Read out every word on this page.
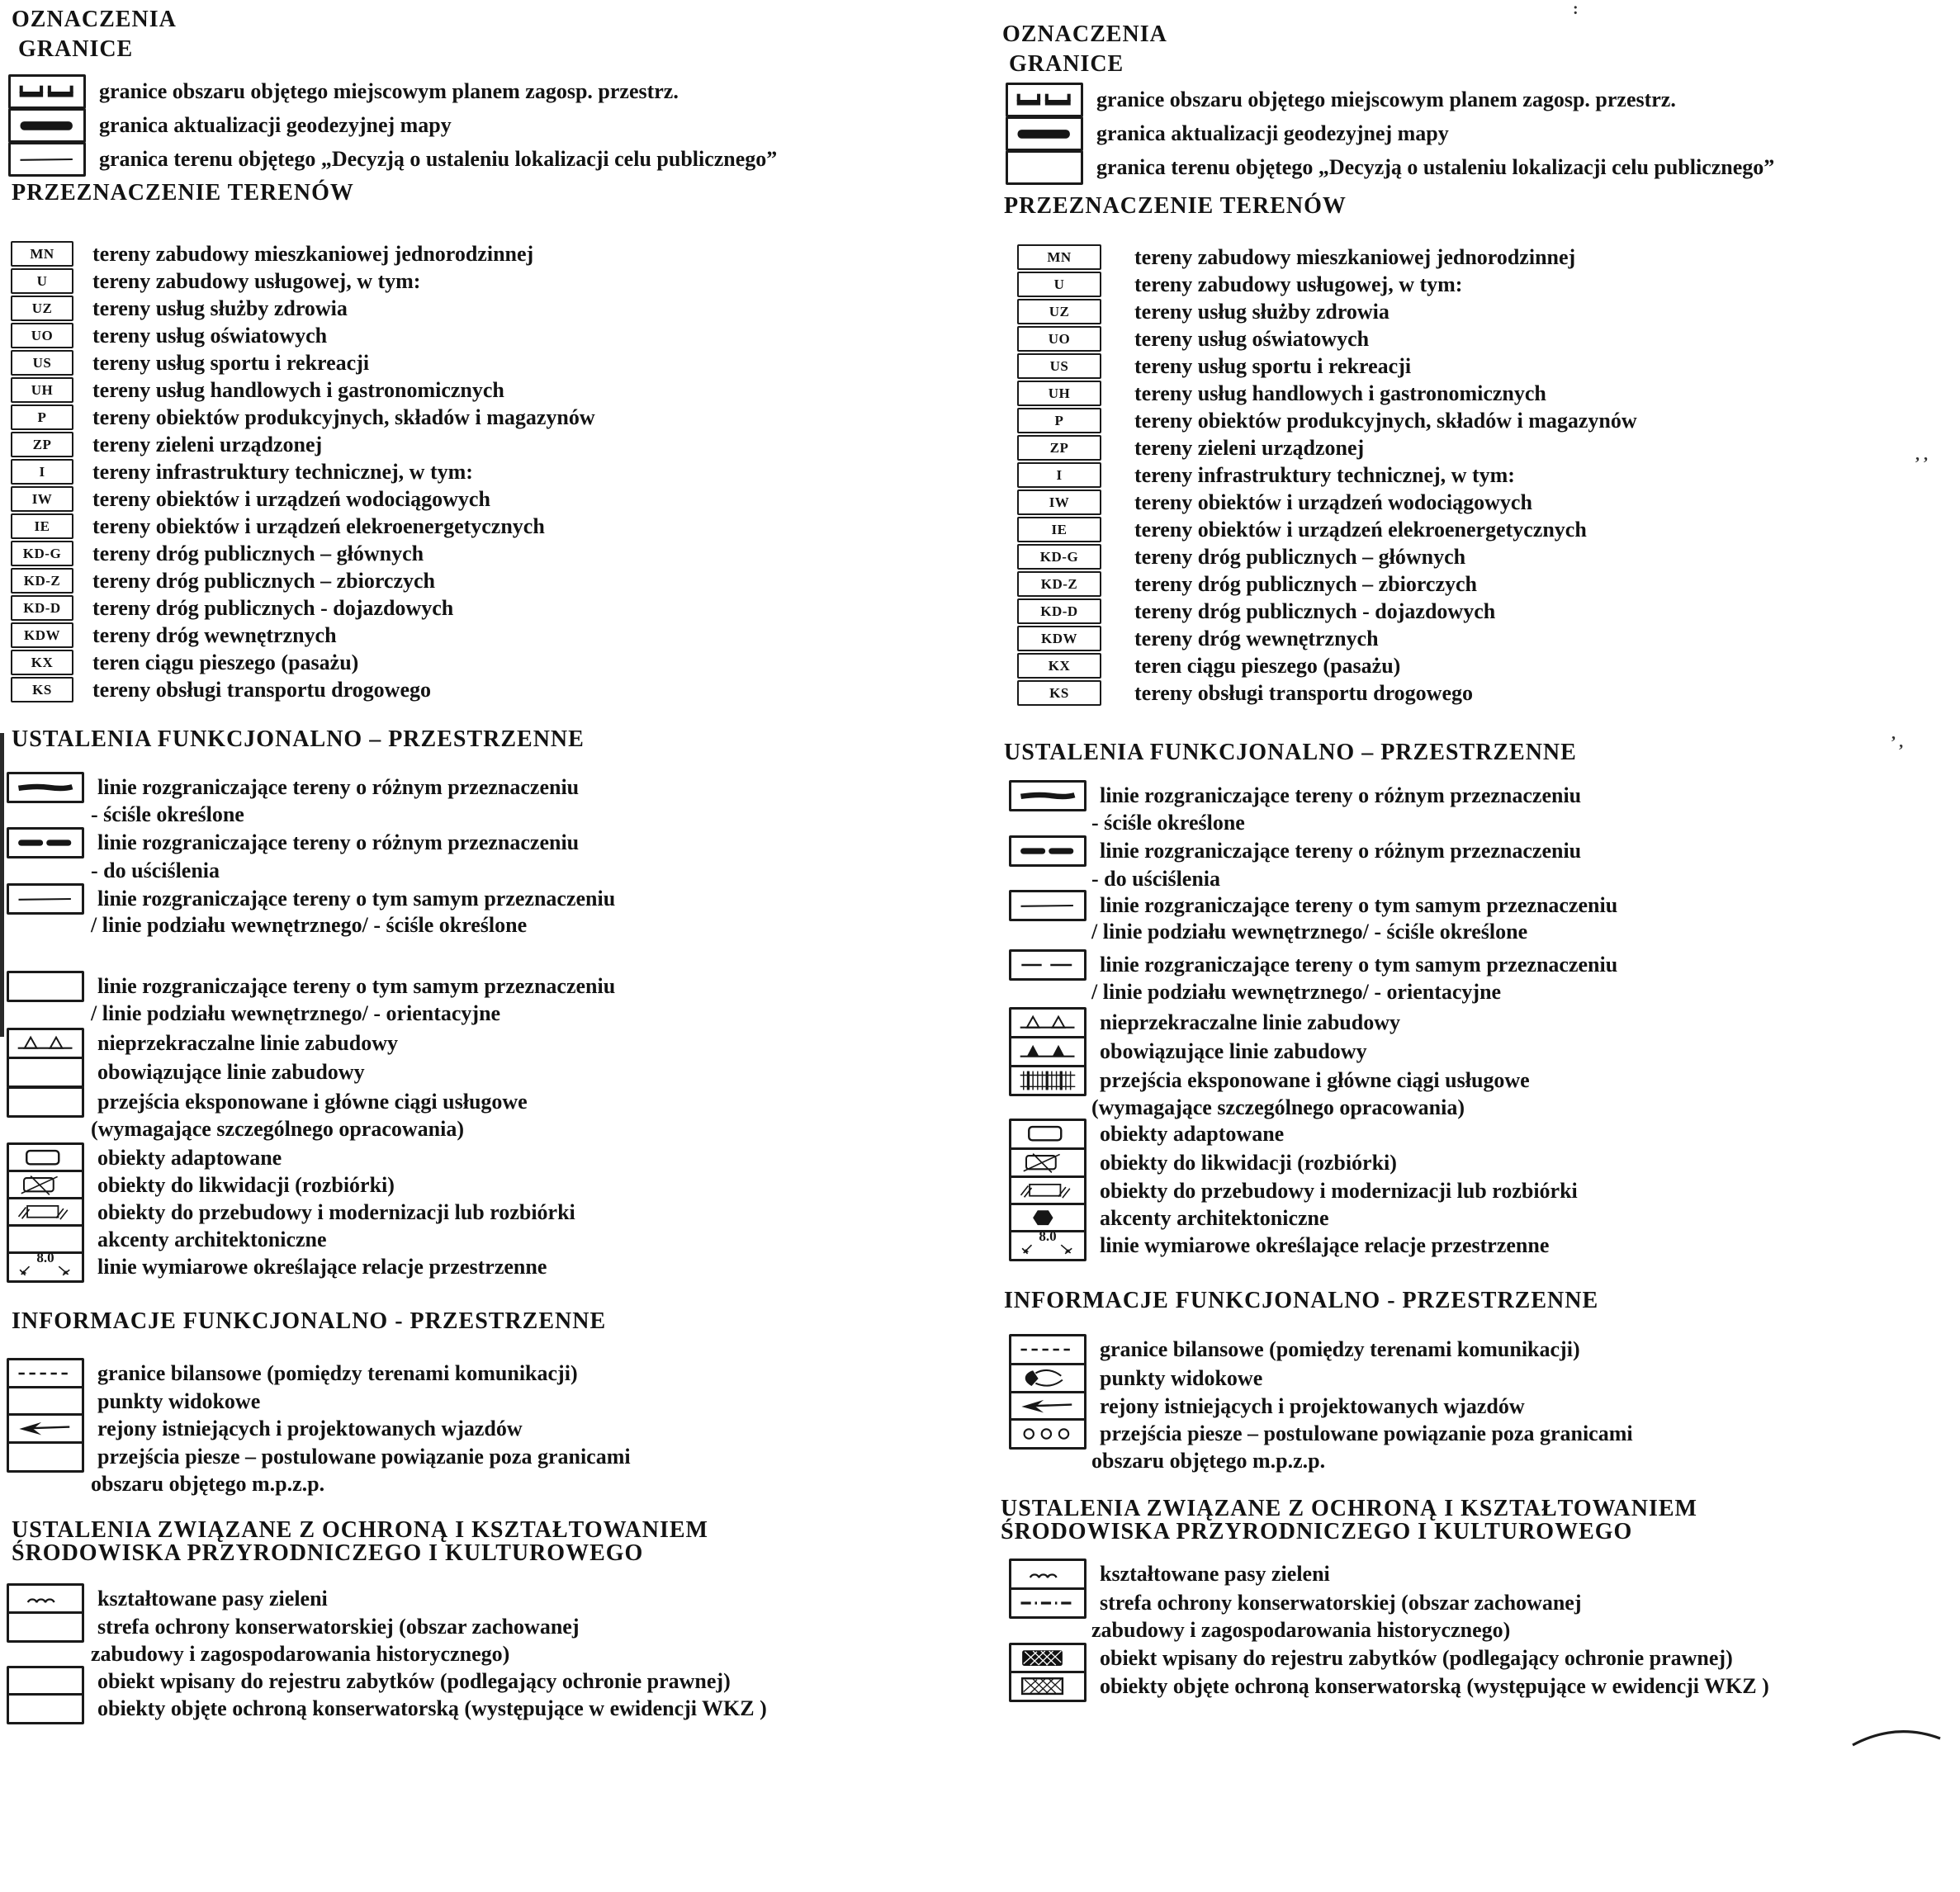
OZNACZENIA
GRANICE
granice obszaru objętego miejscowym planem zagosp. przestrz.
granica aktualizacji geodezyjnej mapy
granica terenu objętego „Decyzją o ustaleniu lokalizacji celu publicznego”
PRZEZNACZENIE TERENÓW
MN tereny zabudowy mieszkaniowej jednorodzinnej
U tereny zabudowy usługowej, w tym:
UZ tereny usług służby zdrowia
UO tereny usług oświatowych
US tereny usług sportu i rekreacji
UH tereny usług handlowych i gastronomicznych
P tereny obiektów produkcyjnych, składów i magazynów
ZP tereny zieleni urządzonej
I tereny infrastruktury technicznej, w tym:
IW tereny obiektów i urządzeń wodociągowych
IE tereny obiektów i urządzeń elekroenergetycznych
KD-G tereny dróg publicznych – głównych
KD-Z tereny dróg publicznych – zbiorczych
KD-D tereny dróg publicznych - dojazdowych
KDW tereny dróg wewnętrznych
KX teren ciągu pieszego (pasażu)
KS tereny obsługi transportu drogowego
USTALENIA FUNKCJONALNO – PRZESTRZENNE
linie rozgraniczające tereny o różnym przeznaczeniu
- ściśle określone
linie rozgraniczające tereny o różnym przeznaczeniu
- do uściślenia
linie rozgraniczające tereny o tym samym przeznaczeniu
/ linie podziału wewnętrznego/ - ściśle określone
linie rozgraniczające tereny o tym samym przeznaczeniu
/ linie podziału wewnętrznego/ - orientacyjne
nieprzekraczalne linie zabudowy
obowiązujące linie zabudowy
przejścia eksponowane i główne ciągi usługowe
(wymagające szczególnego opracowania)
obiekty adaptowane
obiekty do likwidacji (rozbiórki)
obiekty do przebudowy i modernizacji lub rozbiórki
akcenty architektoniczne
8.0	linie wymiarowe określające relacje przestrzenne
INFORMACJE FUNKCJONALNO - PRZESTRZENNE
granice bilansowe (pomiędzy terenami komunikacji)
punkty widokowe
rejony istniejących i projektowanych wjazdów
przejścia piesze – postulowane powiązanie poza granicami
obszaru objętego m.p.z.p.
USTALENIA ZWIĄZANE Z OCHRONĄ I KSZTAŁTOWANIEM
ŚRODOWISKA PRZYRODNICZEGO I KULTUROWEGO
kształtowane pasy zieleni
strefa ochrony konserwatorskiej (obszar zachowanej
zabudowy i zagospodarowania historycznego)
obiekt wpisany do rejestru zabytków (podlegający ochronie prawnej)
obiekty objęte ochroną konserwatorską (występujące w ewidencji WKZ )
OZNACZENIA
GRANICE
granice obszaru objętego miejscowym planem zagosp. przestrz.
granica aktualizacji geodezyjnej mapy
granica terenu objętego „Decyzją o ustaleniu lokalizacji celu publicznego”
PRZEZNACZENIE TERENÓW
MN	tereny zabudowy mieszkaniowej jednorodzinnej
U	tereny zabudowy usługowej, w tym:
UZ	tereny usług służby zdrowia
UO	tereny usług oświatowych
US	tereny usług sportu i rekreacji
UH	tereny usług handlowych i gastronomicznych
P	tereny obiektów produkcyjnych, składów i magazynów
ZP	tereny zieleni urządzonej
I	tereny infrastruktury technicznej, w tym:
IW	tereny obiektów i urządzeń wodociągowych
IE	tereny obiektów i urządzeń elekroenergetycznych
KD-G	tereny dróg publicznych – głównych
KD-Z	tereny dróg publicznych – zbiorczych
KD-D	tereny dróg publicznych - dojazdowych
KDW	tereny dróg wewnętrznych
KX	teren ciągu pieszego (pasażu)
KS	tereny obsługi transportu drogowego
USTALENIA FUNKCJONALNO – PRZESTRZENNE
linie rozgraniczające tereny o różnym przeznaczeniu
- ściśle określone
linie rozgraniczające tereny o różnym przeznaczeniu
- do uściślenia
linie rozgraniczające tereny o tym samym przeznaczeniu
/ linie podziału wewnętrznego/ - ściśle określone
linie rozgraniczające tereny o tym samym przeznaczeniu
/ linie podziału wewnętrznego/ - orientacyjne
nieprzekraczalne linie zabudowy
obowiązujące linie zabudowy
przejścia eksponowane i główne ciągi usługowe
(wymagające szczególnego opracowania)
obiekty adaptowane
obiekty do likwidacji (rozbiórki)
obiekty do przebudowy i modernizacji lub rozbiórki
akcenty architektoniczne
8.0	linie wymiarowe określające relacje przestrzenne
INFORMACJE FUNKCJONALNO - PRZESTRZENNE
granice bilansowe (pomiędzy terenami komunikacji)
punkty widokowe
rejony istniejących i projektowanych wjazdów
przejścia piesze – postulowane powiązanie poza granicami
obszaru objętego m.p.z.p.
USTALENIA ZWIĄZANE Z OCHRONĄ I KSZTAŁTOWANIEM
ŚRODOWISKA PRZYRODNICZEGO I KULTUROWEGO
kształtowane pasy zieleni
strefa ochrony konserwatorskiej (obszar zachowanej
zabudowy i zagospodarowania historycznego)
obiekt wpisany do rejestru zabytków (podlegający ochronie prawnej)
obiekty objęte ochroną konserwatorską (występujące w ewidencji WKZ )
:
, ,
’ ,
